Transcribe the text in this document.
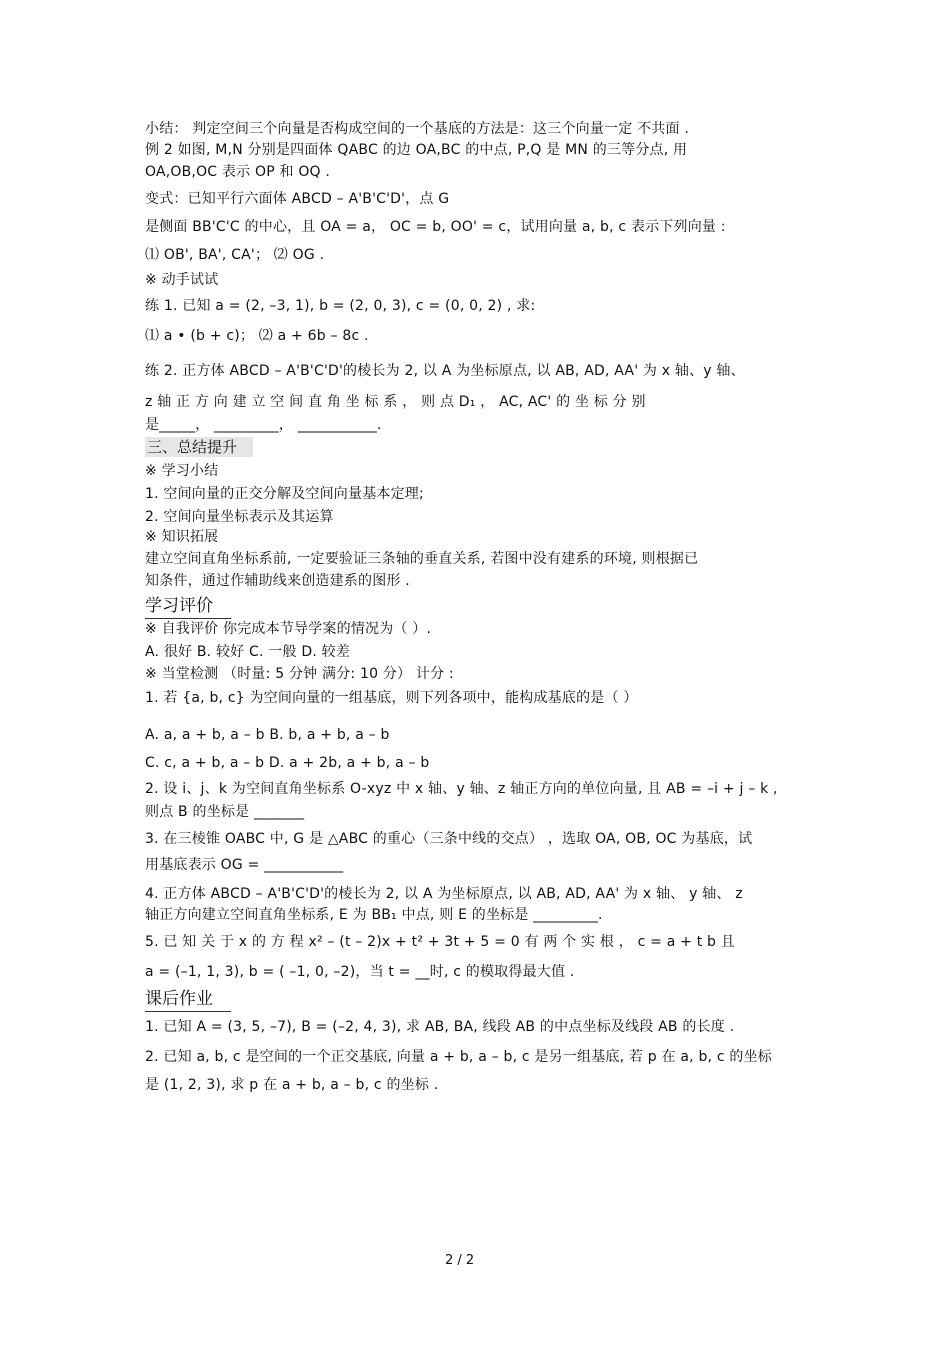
小结： 判定空间三个向量是否构成空间的一个基底的方法是：这三个向量一定 不共面 .
例 2 如图, M,N 分别是四面体 QABC 的边 OA,BC 的中点, P,Q 是 MN 的三等分点, 用
OA,OB,OC 表示 OP 和 OQ .
变式：已知平行六面体 ABCD – A'B'C'D'，点 G
是侧面 BB'C'C 的中心，且 OA = a， OC = b, OO' = c，试用向量 a, b, c 表示下列向量 :
⑴ OB', BA', CA'； ⑵ OG .
※ 动手试试
练 1. 已知 a = (2, –3, 1), b = (2, 0, 3), c = (0, 0, 2) , 求:
⑴ a • (b + c)； ⑵ a + 6b – 8c .
练 2. 正方体 ABCD – A'B'C'D'的棱长为 2, 以 A 为坐标原点, 以 AB, AD, AA' 为 x 轴、y 轴、
z 轴 正 方 向 建 立 空 间 直 角 坐 标 系 ， 则 点 D₁ ， AC, AC' 的 坐 标 分 别
是_____， _________， ___________.
三、总结提升
※ 学习小结
1. 空间向量的正交分解及空间向量基本定理;
2. 空间向量坐标表示及其运算
※ 知识拓展
建立空间直角坐标系前, 一定要验证三条轴的垂直关系, 若图中没有建系的环境, 则根据已
知条件，通过作辅助线来创造建系的图形 .
学习评价
※ 自我评价 你完成本节导学案的情况为（ ）.
A. 很好 B. 较好 C. 一般 D. 较差
※ 当堂检测 （时量: 5 分钟 满分: 10 分） 计分 :
1. 若 {a, b, c} 为空间向量的一组基底，则下列各项中，能构成基底的是（ ）
A. a, a + b, a – b B. b, a + b, a – b
C. c, a + b, a – b D. a + 2b, a + b, a – b
2. 设 i、j、k 为空间直角坐标系 O-xyz 中 x 轴、y 轴、z 轴正方向的单位向量, 且 AB = –i + j – k ,
则点 B 的坐标是 _______
3. 在三棱锥 OABC 中, G 是 △ABC 的重心（三条中线的交点） ，选取 OA, OB, OC 为基底，试
用基底表示 OG = ___________
4. 正方体 ABCD – A'B'C'D'的棱长为 2, 以 A 为坐标原点, 以 AB, AD, AA' 为 x 轴、 y 轴、 z
轴正方向建立空间直角坐标系, E 为 BB₁ 中点, 则 E 的坐标是 _________.
5. 已 知 关 于 x 的 方 程 x² – (t – 2)x + t² + 3t + 5 = 0 有 两 个 实 根 ， c = a + t b 且
a = (–1, 1, 3), b = ( –1, 0, –2)，当 t = __时, c 的模取得最大值 .
课后作业
1. 已知 A = (3, 5, –7), B = (–2, 4, 3), 求 AB, BA, 线段 AB 的中点坐标及线段 AB 的长度 .
2. 已知 a, b, c 是空间的一个正交基底, 向量 a + b, a – b, c 是另一组基底, 若 p 在 a, b, c 的坐标
是 (1, 2, 3), 求 p 在 a + b, a – b, c 的坐标 .
2 / 2
